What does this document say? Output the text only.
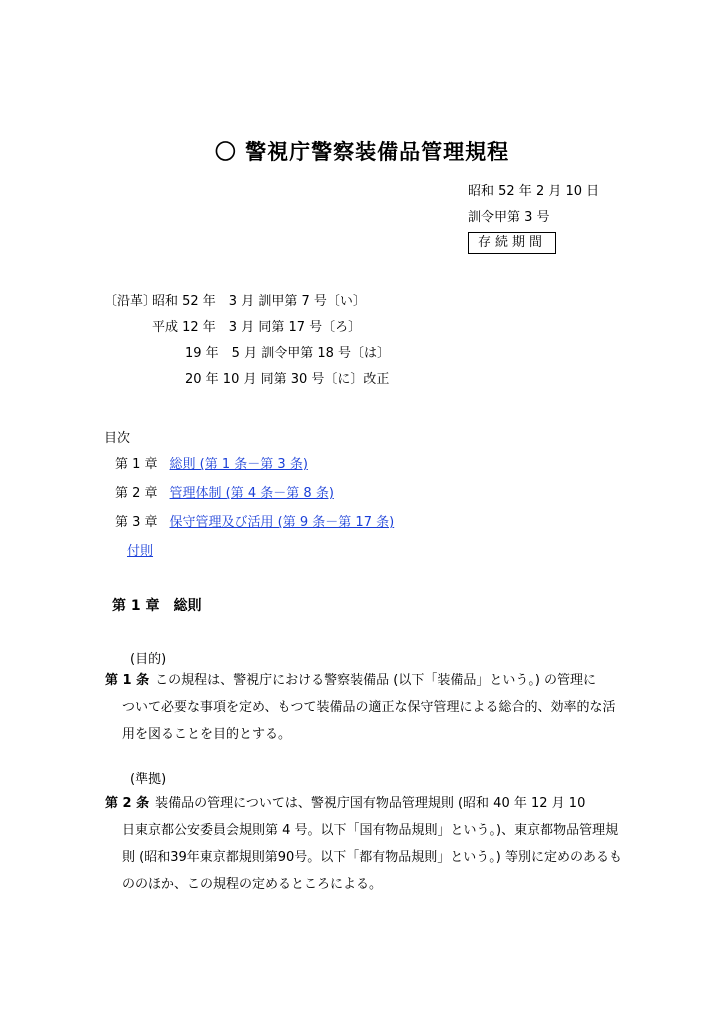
〇 警視庁警察装備品管理規程
昭和 52 年 2 月 10 日
訓令甲第 3 号
存続期間
〔沿革〕
昭和 52 年　3 月 訓甲第 7 号〔い〕
平成 12 年　3 月 同第 17 号〔ろ〕
19 年　5 月 訓令甲第 18 号〔は〕
20 年 10 月 同第 30 号〔に〕改正
目次
第 1 章 総則 (第 1 条－第 3 条)
第 2 章 管理体制 (第 4 条－第 8 条)
第 3 章 保守管理及び活用 (第 9 条－第 17 条)
付則
第 1 章　総則
(目的)
第 1 条 この規程は、警視庁における警察装備品 (以下「装備品」という。) の管理に
ついて必要な事項を定め、もつて装備品の適正な保守管理による総合的、効率的な活用を図ることを目的とする。
(準拠)
第 2 条 装備品の管理については、警視庁国有物品管理規則 (昭和 40 年 12 月 10
日東京都公安委員会規則第 4 号。以下「国有物品規則」という。)、東京都物品管理規則 (昭和39年東京都規則第90号。以下「都有物品規則」という。) 等別に定めのあるもののほか、この規程の定めるところによる。
